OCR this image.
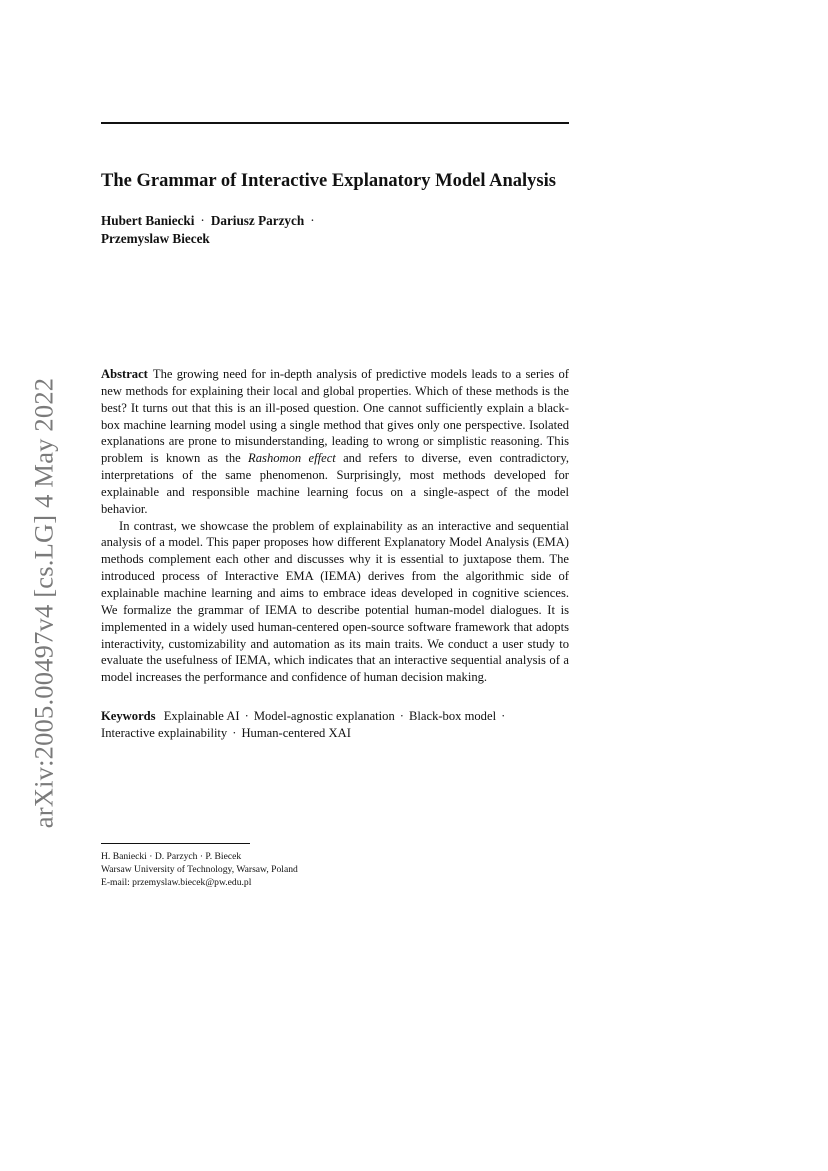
The Grammar of Interactive Explanatory Model Analysis
Hubert Baniecki · Dariusz Parzych ·
Przemyslaw Biecek
arXiv:2005.00497v4 [cs.LG] 4 May 2022

Abstract The growing need for in-depth analysis of predictive models leads to a series of new methods for explaining their local and global properties. Which of these methods is the best? It turns out that this is an ill-posed question. One cannot sufficiently explain a black-box machine learning model using a single method that gives only one perspective. Isolated explanations are prone to misunderstanding, leading to wrong or simplistic reasoning. This problem is known as the Rashomon effect and refers to diverse, even contradictory, interpretations of the same phenomenon. Surprisingly, most methods developed for explainable and responsible machine learning focus on a single-aspect of the model behavior.

In contrast, we showcase the problem of explainability as an interactive and sequential analysis of a model. This paper proposes how different Explanatory Model Analysis (EMA) methods complement each other and discusses why it is essential to juxtapose them. The introduced process of Interactive EMA (IEMA) derives from the algorithmic side of explainable machine learning and aims to embrace ideas developed in cognitive sciences. We formalize the grammar of IEMA to describe potential human-model dialogues. It is implemented in a widely used human-centered open-source software framework that adopts interactivity, customizability and automation as its main traits. We conduct a user study to evaluate the usefulness of IEMA, which indicates that an interactive sequential analysis of a model increases the performance and confidence of human decision making.

Keywords Explainable AI · Model-agnostic explanation · Black-box model ·
Interactive explainability · Human-centered XAI
H. Baniecki · D. Parzych · P. Biecek
Warsaw University of Technology, Warsaw, Poland
E-mail: przemyslaw.biecek@pw.edu.pl
